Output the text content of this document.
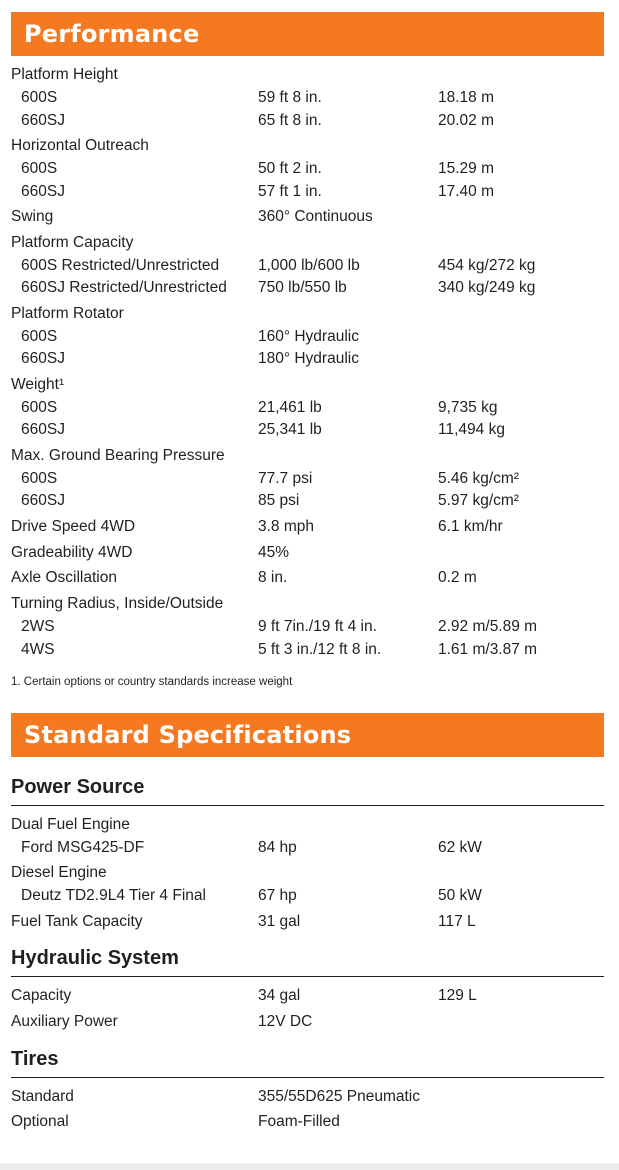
Performance
Platform Height
600S	59 ft 8 in.	18.18 m
660SJ	65 ft 8 in.	20.02 m
Horizontal Outreach
600S	50 ft 2 in.	15.29 m
660SJ	57 ft 1 in.	17.40 m
Swing	360° Continuous
Platform Capacity
600S Restricted/Unrestricted	1,000 lb/600 lb	454 kg/272 kg
660SJ Restricted/Unrestricted 750 lb/550 lb	340 kg/249 kg
Platform Rotator
600S	160° Hydraulic
660SJ	180° Hydraulic
Weight¹
600S	21,461 lb	9,735 kg
660SJ	25,341 lb	11,494 kg
Max. Ground Bearing Pressure
600S	77.7 psi	5.46 kg/cm²
660SJ	85 psi	5.97 kg/cm²
Drive Speed 4WD	3.8 mph	6.1 km/hr
Gradeability 4WD	45%
Axle Oscillation	8 in.	0.2 m
Turning Radius, Inside/Outside
2WS	9 ft 7in./19 ft 4 in.	2.92 m/5.89 m
4WS	5 ft 3 in./12 ft 8 in.	1.61 m/3.87 m
1. Certain options or country standards increase weight
Standard Specifications
Power Source
Dual Fuel Engine
Ford MSG425-DF	84 hp	62 kW
Diesel Engine
Deutz TD2.9L4 Tier 4 Final	67 hp	50 kW
Fuel Tank Capacity	31 gal	117 L
Hydraulic System
Capacity	34 gal	129 L
Auxiliary Power	12V DC
Tires
Standard	355/55D625 Pneumatic
Optional	Foam-Filled
